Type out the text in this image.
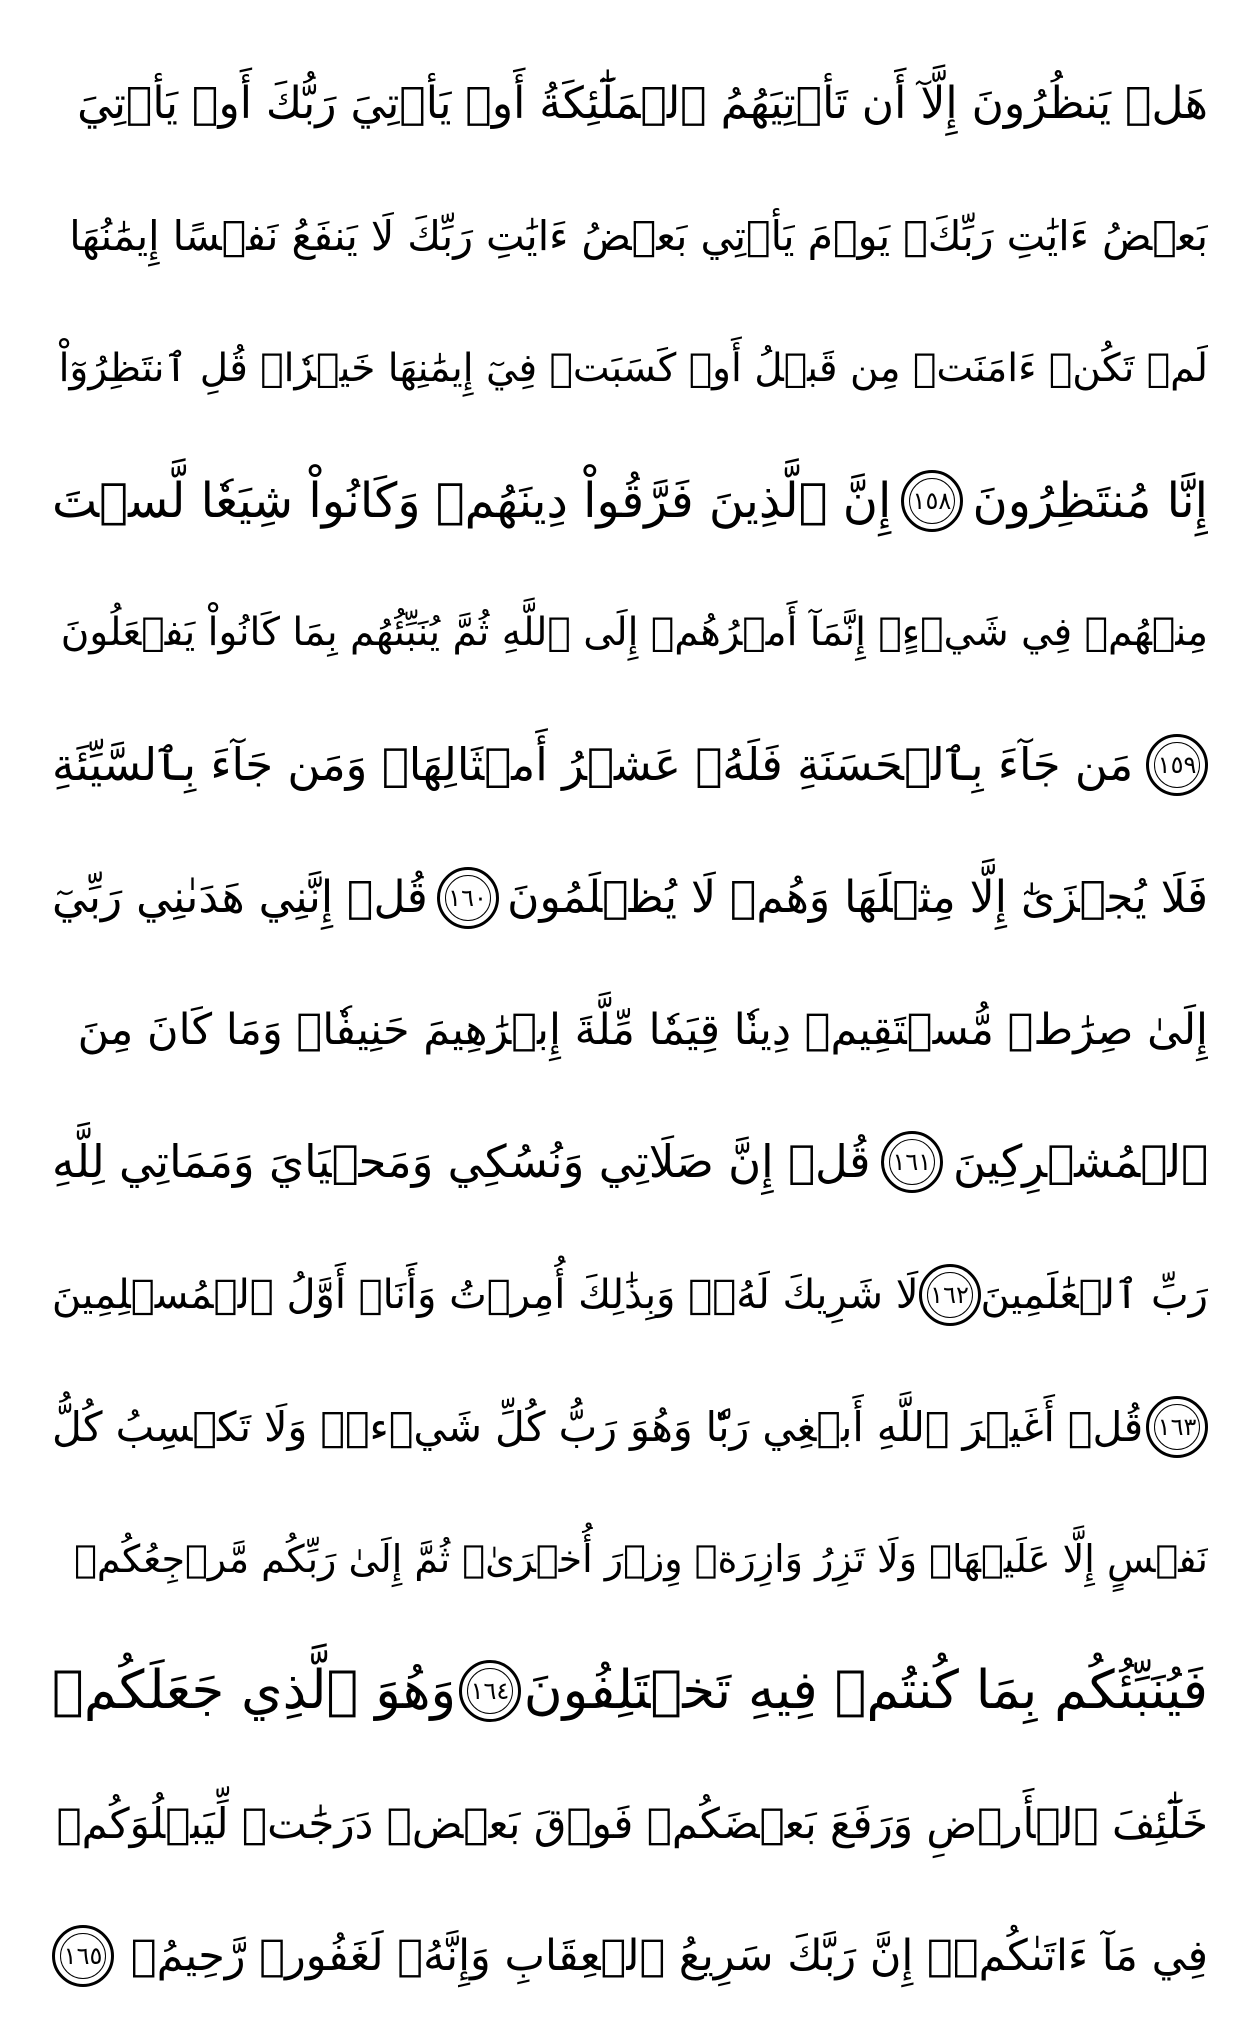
هَلۡ يَنظُرُونَ إِلَّآ أَن تَأۡتِيَهُمُ ٱلۡمَلَٰٓئِكَةُ أَوۡ يَأۡتِيَ رَبُّكَ أَوۡ يَأۡتِيَ
بَعۡضُ ءَايَٰتِ رَبِّكَۗ يَوۡمَ يَأۡتِي بَعۡضُ ءَايَٰتِ رَبِّكَ لَا يَنفَعُ نَفۡسًا إِيمَٰنُهَا
لَمۡ تَكُنۡ ءَامَنَتۡ مِن قَبۡلُ أَوۡ كَسَبَتۡ فِيٓ إِيمَٰنِهَا خَيۡرٗاۗ قُلِ ٱنتَظِرُوٓاْ
إِنَّا مُنتَظِرُونَ
١٥٨
إِنَّ ٱلَّذِينَ فَرَّقُواْ دِينَهُمۡ وَكَانُواْ شِيَعٗا لَّسۡتَ
مِنۡهُمۡ فِي شَيۡءٍۚ إِنَّمَآ أَمۡرُهُمۡ إِلَى ٱللَّهِ ثُمَّ يُنَبِّئُهُم بِمَا كَانُواْ يَفۡعَلُونَ
١٥٩
مَن جَآءَ بِٱلۡحَسَنَةِ فَلَهُۥ عَشۡرُ أَمۡثَالِهَاۖ وَمَن جَآءَ بِٱلسَّيِّئَةِ
فَلَا يُجۡزَىٰٓ إِلَّا مِثۡلَهَا وَهُمۡ لَا يُظۡلَمُونَ
١٦٠
قُلۡ إِنَّنِي هَدَىٰنِي رَبِّيٓ
إِلَىٰ صِرَٰطٖ مُّسۡتَقِيمٖ دِينٗا قِيَمٗا مِّلَّةَ إِبۡرَٰهِيمَ حَنِيفٗاۚ وَمَا كَانَ مِنَ
ٱلۡمُشۡرِكِينَ
١٦١
قُلۡ إِنَّ صَلَاتِي وَنُسُكِي وَمَحۡيَايَ وَمَمَاتِي لِلَّهِ
رَبِّ ٱلۡعَٰلَمِينَ
١٦٢
لَا شَرِيكَ لَهُۥۖ وَبِذَٰلِكَ أُمِرۡتُ وَأَنَا۠ أَوَّلُ ٱلۡمُسۡلِمِينَ
١٦٣
قُلۡ أَغَيۡرَ ٱللَّهِ أَبۡغِي رَبّٗا وَهُوَ رَبُّ كُلِّ شَيۡءٖۚ وَلَا تَكۡسِبُ كُلُّ
نَفۡسٍ إِلَّا عَلَيۡهَاۚ وَلَا تَزِرُ وَازِرَةٞ وِزۡرَ أُخۡرَىٰۚ ثُمَّ إِلَىٰ رَبِّكُم مَّرۡجِعُكُمۡ
فَيُنَبِّئُكُم بِمَا كُنتُمۡ فِيهِ تَخۡتَلِفُونَ
١٦٤
وَهُوَ ٱلَّذِي جَعَلَكُمۡ
خَلَٰٓئِفَ ٱلۡأَرۡضِ وَرَفَعَ بَعۡضَكُمۡ فَوۡقَ بَعۡضٖ دَرَجَٰتٖ لِّيَبۡلُوَكُمۡ
فِي مَآ ءَاتَىٰكُمۡۗ إِنَّ رَبَّكَ سَرِيعُ ٱلۡعِقَابِ وَإِنَّهُۥ لَغَفُورٞ رَّحِيمُۢ
١٦٥
